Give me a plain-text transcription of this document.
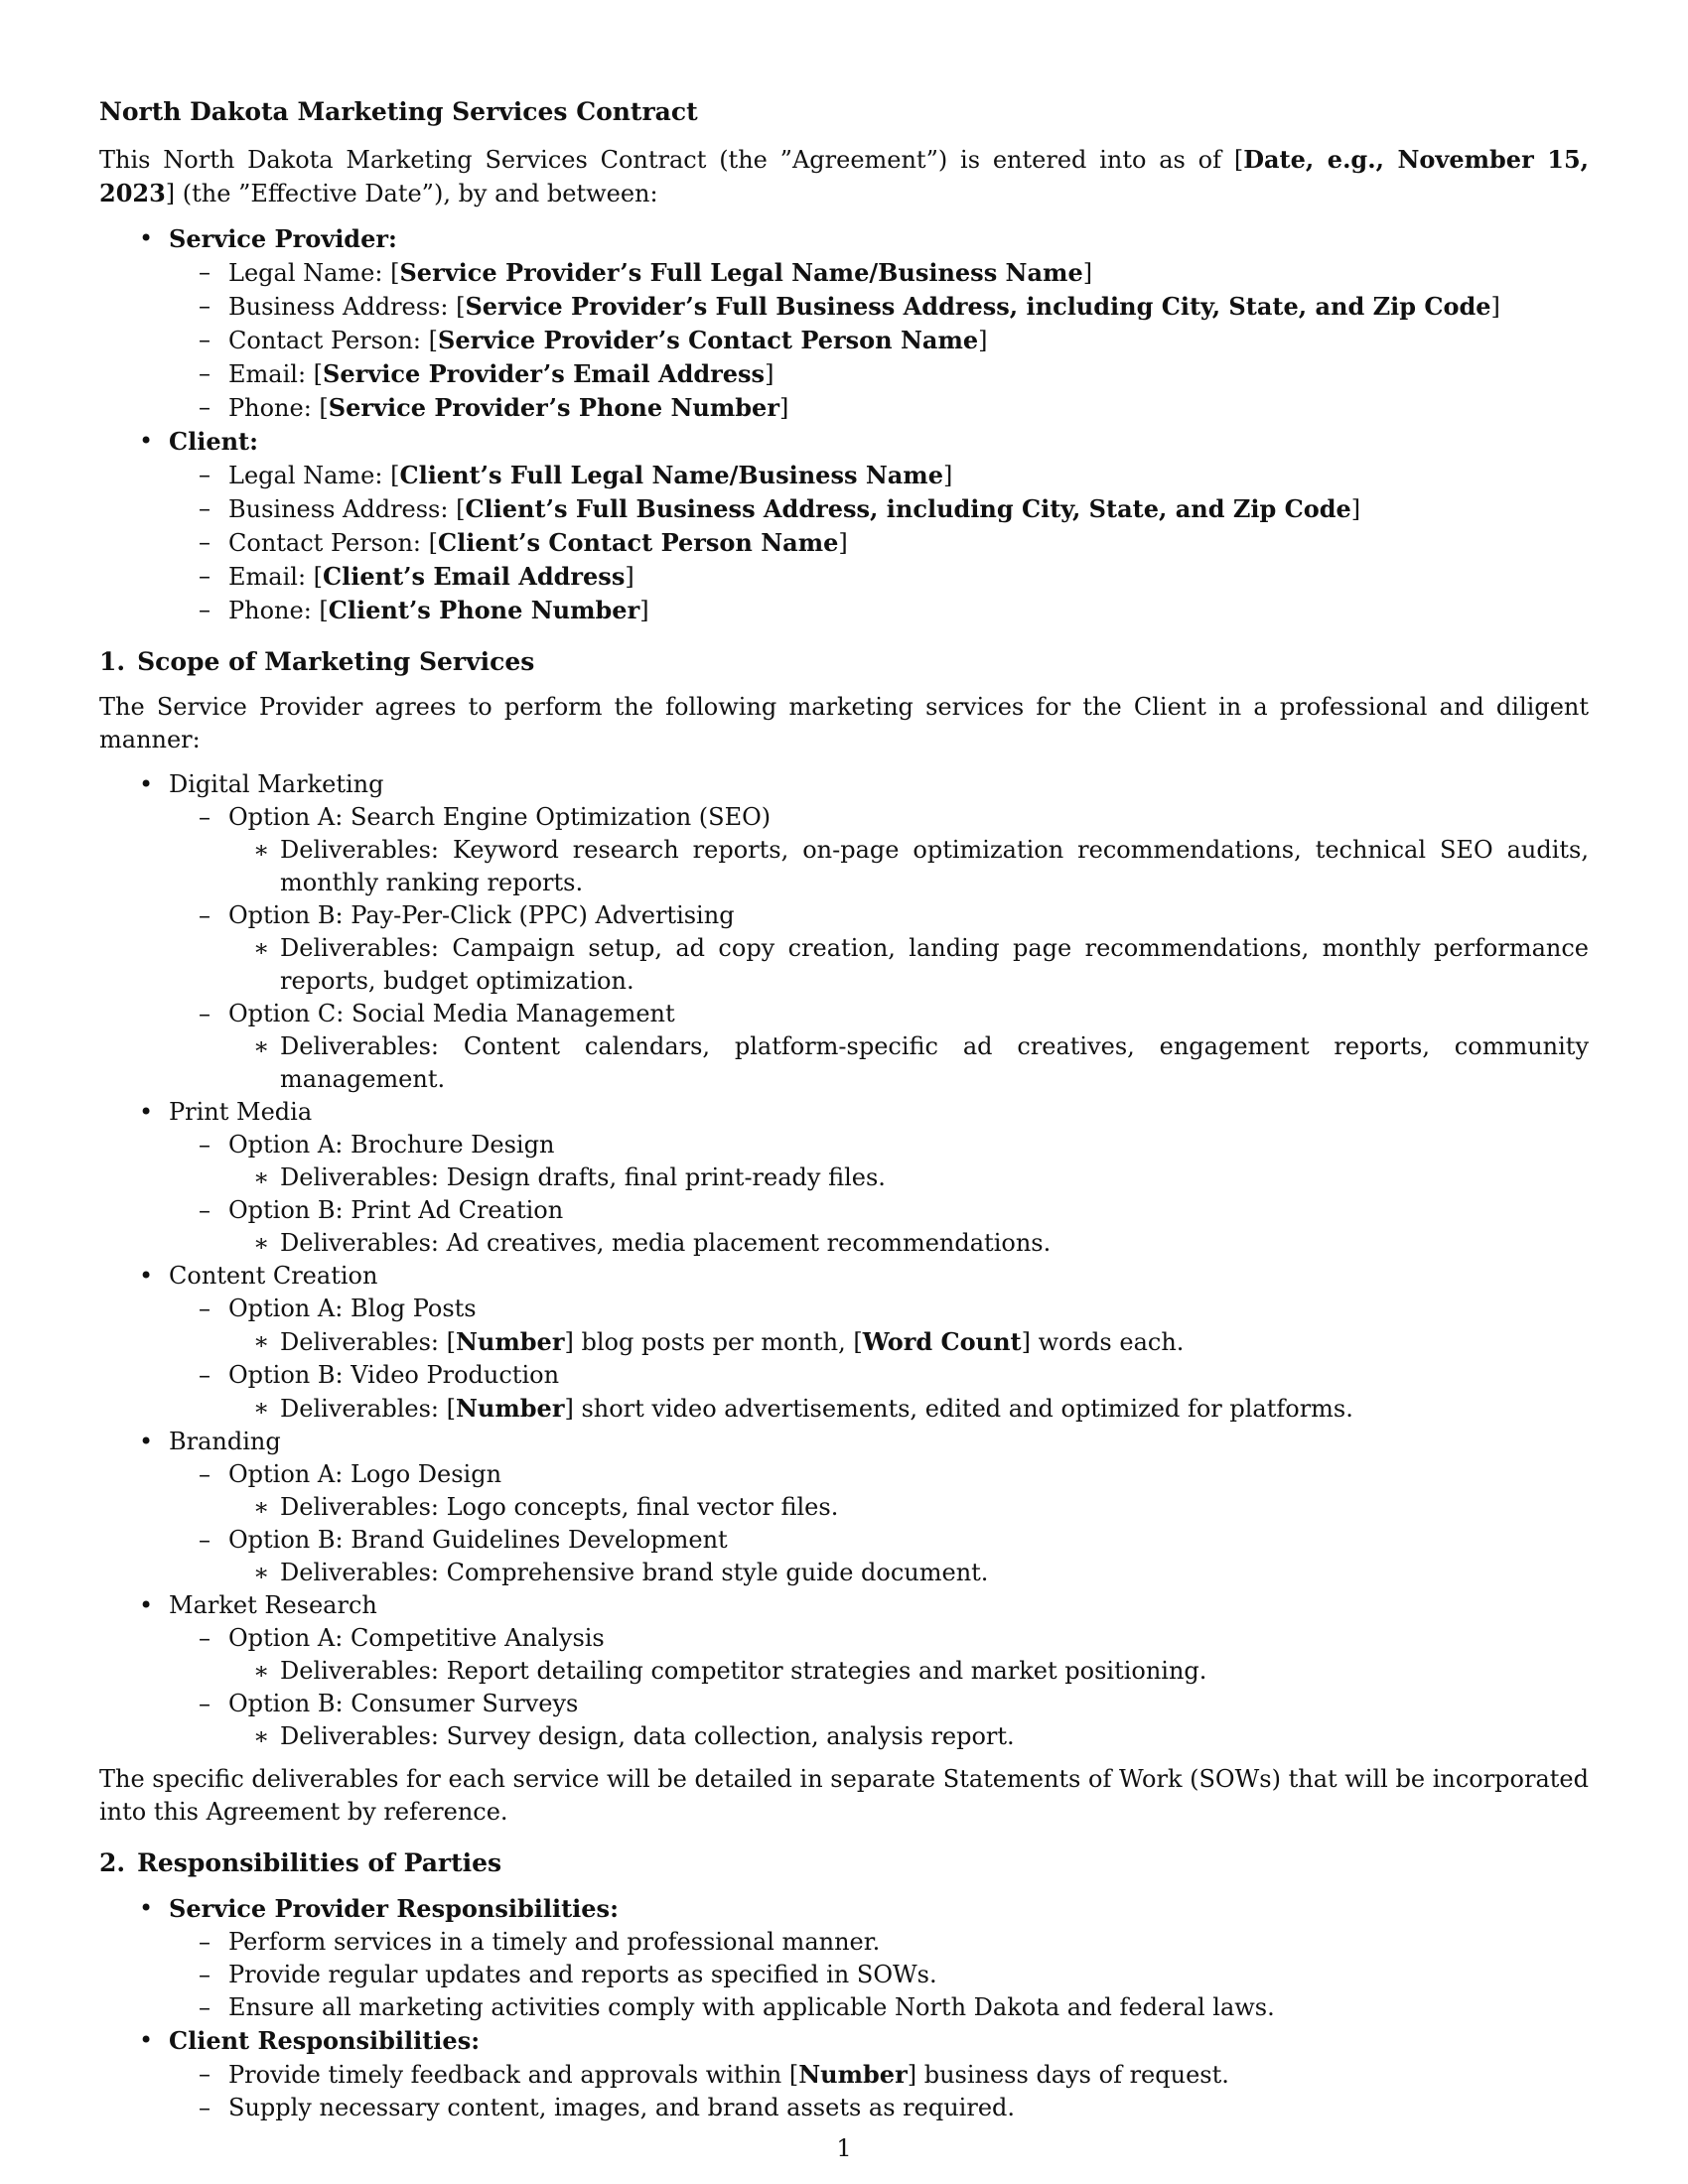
North Dakota Marketing Services Contract

This North Dakota Marketing Services Contract (the ”Agreement”) is entered into as of [Date, e.g., November 15, 2023] (the ”Effective Date”), by and between:

• Service Provider:
– Legal Name: [Service Provider’s Full Legal Name/Business Name]
– Business Address: [Service Provider’s Full Business Address, including City, State, and Zip Code]
– Contact Person: [Service Provider’s Contact Person Name]
– Email: [Service Provider’s Email Address]
– Phone: [Service Provider’s Phone Number]
• Client:
– Legal Name: [Client’s Full Legal Name/Business Name]
– Business Address: [Client’s Full Business Address, including City, State, and Zip Code]
– Contact Person: [Client’s Contact Person Name]
– Email: [Client’s Email Address]
– Phone: [Client’s Phone Number]
1. Scope of Marketing Services

The Service Provider agrees to perform the following marketing services for the Client in a professional and diligent manner:

• Digital Marketing
– Option A: Search Engine Optimization (SEO)
∗ Deliverables: Keyword research reports, on-page optimization recommendations, technical SEO audits, monthly ranking reports.
– Option B: Pay-Per-Click (PPC) Advertising
∗ Deliverables: Campaign setup, ad copy creation, landing page recommendations, monthly performance reports, budget optimization.
– Option C: Social Media Management
∗ Deliverables: Content calendars, platform-specific ad creatives, engagement reports, community management.
• Print Media
– Option A: Brochure Design
∗ Deliverables: Design drafts, final print-ready files.
– Option B: Print Ad Creation
∗ Deliverables: Ad creatives, media placement recommendations.
• Content Creation
– Option A: Blog Posts
∗ Deliverables: [Number] blog posts per month, [Word Count] words each.
– Option B: Video Production
∗ Deliverables: [Number] short video advertisements, edited and optimized for platforms.
• Branding
– Option A: Logo Design
∗ Deliverables: Logo concepts, final vector files.
– Option B: Brand Guidelines Development
∗ Deliverables: Comprehensive brand style guide document.
• Market Research
– Option A: Competitive Analysis
∗ Deliverables: Report detailing competitor strategies and market positioning.
– Option B: Consumer Surveys
∗ Deliverables: Survey design, data collection, analysis report.

The specific deliverables for each service will be detailed in separate Statements of Work (SOWs) that will be incorporated into this Agreement by reference.

2. Responsibilities of Parties
• Service Provider Responsibilities:
– Perform services in a timely and professional manner.
– Provide regular updates and reports as specified in SOWs.
– Ensure all marketing activities comply with applicable North Dakota and federal laws.
• Client Responsibilities:
– Provide timely feedback and approvals within [Number] business days of request.
– Supply necessary content, images, and brand assets as required.
1
